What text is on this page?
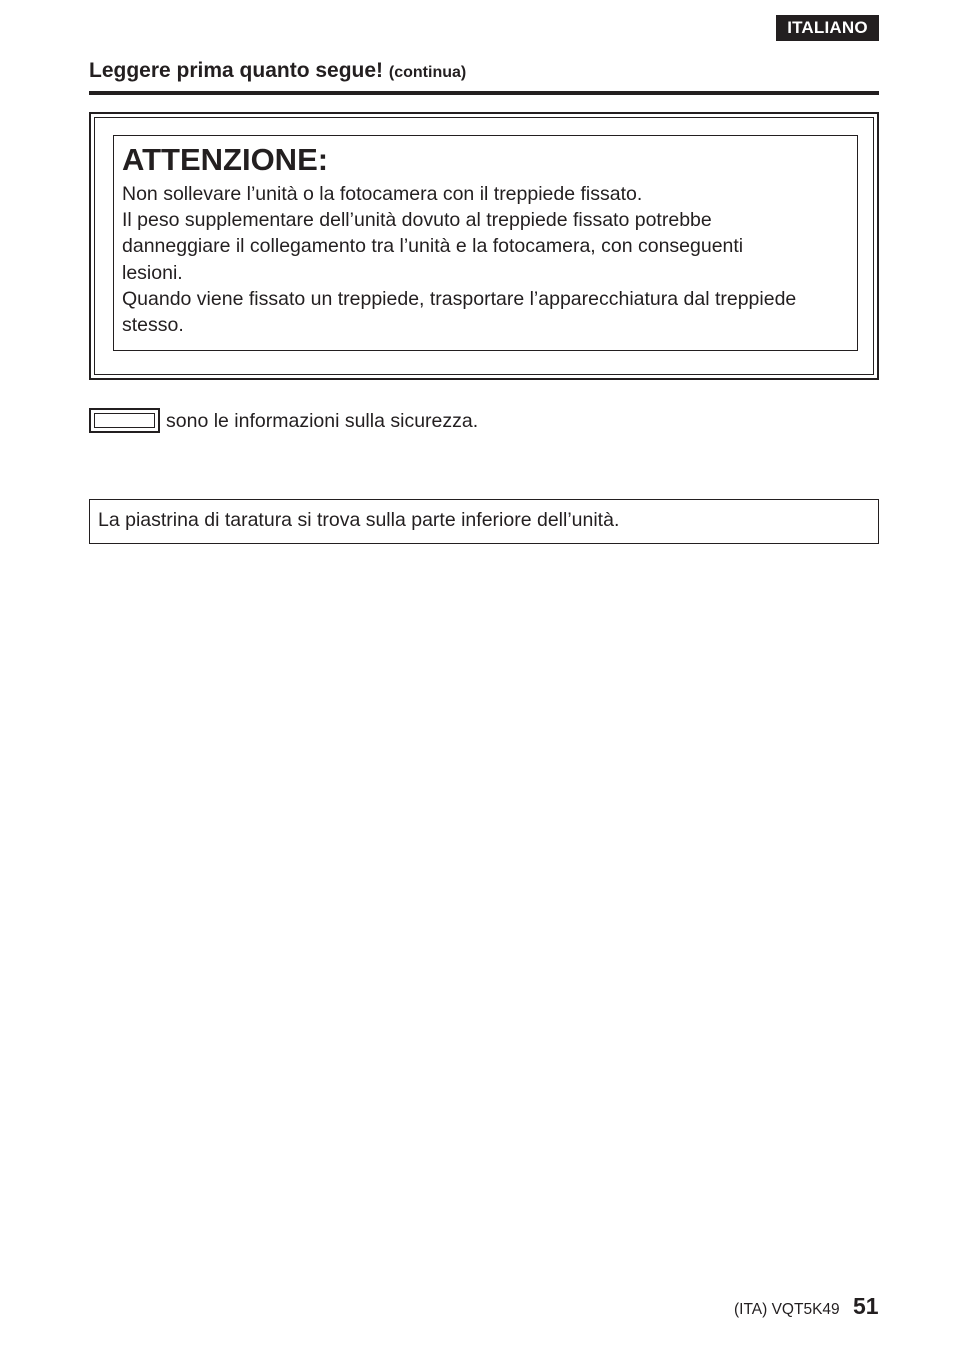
ITALIANO
Leggere prima quanto segue! (continua)
ATTENZIONE:
Non sollevare l’unità o la fotocamera con il treppiede fissato.
Il peso supplementare dell’unità dovuto al treppiede fissato potrebbe
danneggiare il collegamento tra l’unità e la fotocamera, con conseguenti
lesioni.
Quando viene fissato un treppiede, trasportare l’apparecchiatura dal treppiede
stesso.
sono le informazioni sulla sicurezza.
La piastrina di taratura si trova sulla parte inferiore dell’unità.
(ITA) VQT5K49 51
